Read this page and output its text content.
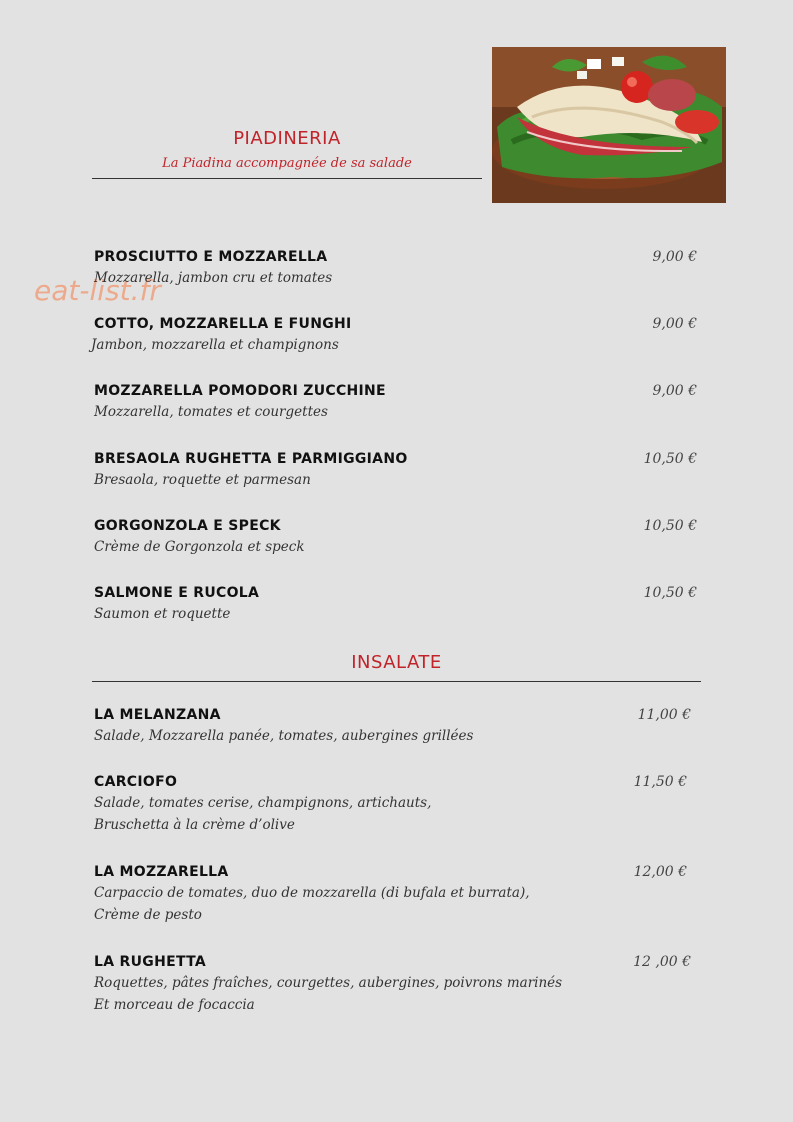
PIADINERIA
La Piadina accompagnée de sa salade
eat-list.fr
PROSCIUTTO E MOZZARELLA
Mozzarella, jambon cru et tomates
9,00 €
COTTO, MOZZARELLA E FUNGHI
Jambon, mozzarella et champignons
9,00 €
MOZZARELLA POMODORI ZUCCHINE
Mozzarella, tomates et courgettes
9,00 €
BRESAOLA RUGHETTA E PARMIGGIANO
Bresaola, roquette et parmesan
10,50 €
GORGONZOLA E SPECK
Crème de Gorgonzola et speck
10,50 €
SALMONE E RUCOLA
Saumon et roquette
10,50 €
INSALATE
LA MELANZANA
Salade, Mozzarella panée, tomates, aubergines grillées
11,00 €
CARCIOFO
Salade, tomates cerise, champignons, artichauts,
Bruschetta à la crème d’olive
11,50 €
LA MOZZARELLA
Carpaccio de tomates, duo de mozzarella (di bufala et burrata),
Crème de pesto
12,00 €
LA RUGHETTA
Roquettes, pâtes fraîches, courgettes, aubergines, poivrons marinés
Et morceau de focaccia
12 ,00 €
